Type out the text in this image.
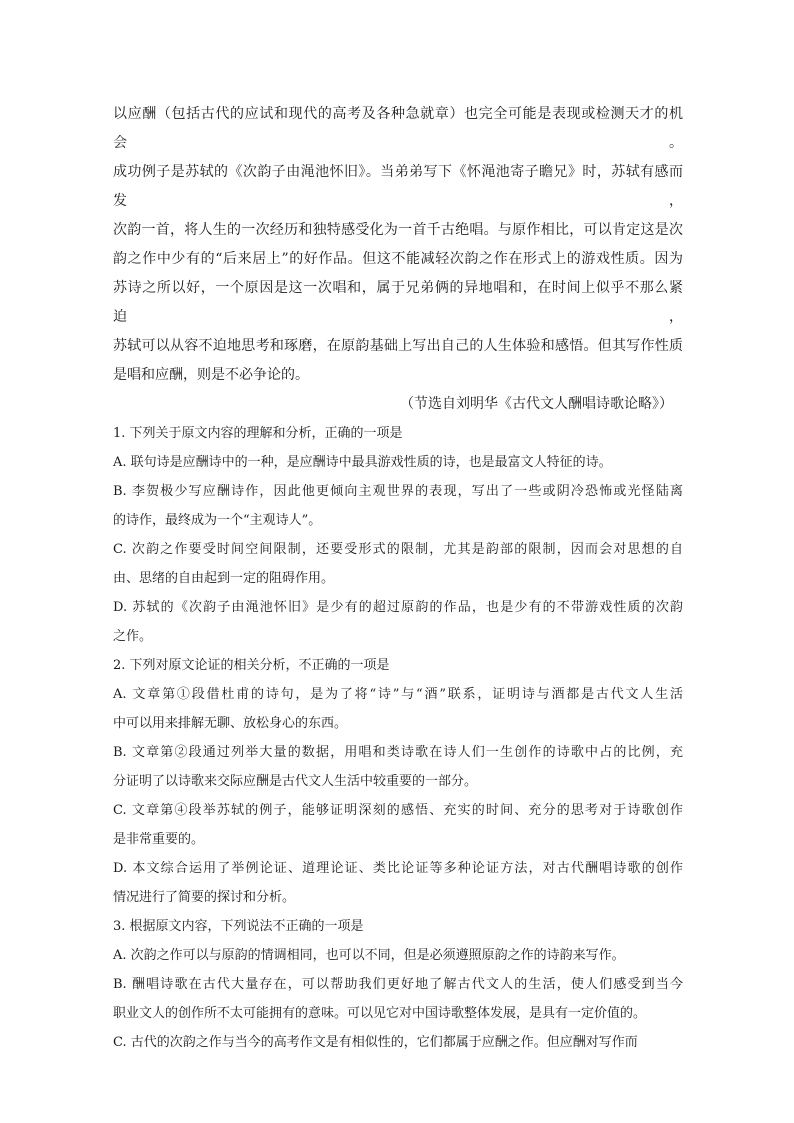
以应酬（包括古代的应试和现代的高考及各种急就章）也完全可能是表现或检测天才的机会。
成功例子是苏轼的《次韵子由渑池怀旧》。当弟弟写下《怀渑池寄子瞻兄》时，苏轼有感而发，
次韵一首，将人生的一次经历和独特感受化为一首千古绝唱。与原作相比，可以肯定这是次
韵之作中少有的“后来居上”的好作品。但这不能减轻次韵之作在形式上的游戏性质。因为
苏诗之所以好，一个原因是这一次唱和，属于兄弟俩的异地唱和，在时间上似乎不那么紧迫，
苏轼可以从容不迫地思考和琢磨，在原韵基础上写出自己的人生体验和感悟。但其写作性质
是唱和应酬，则是不必争论的。
（节选自刘明华《古代文人酬唱诗歌论略》）
1. 下列关于原文内容的理解和分析，正确的一项是
A. 联句诗是应酬诗中的一种，是应酬诗中最具游戏性质的诗，也是最富文人特征的诗。
B. 李贺极少写应酬诗作，因此他更倾向主观世界的表现，写出了一些或阴冷恐怖或光怪陆离
的诗作，最终成为一个“主观诗人”。
C. 次韵之作要受时间空间限制，还要受形式的限制，尤其是韵部的限制，因而会对思想的自
由、思绪的自由起到一定的阻碍作用。
D. 苏轼的《次韵子由渑池怀旧》是少有的超过原韵的作品，也是少有的不带游戏性质的次韵
之作。
2. 下列对原文论证的相关分析，不正确的一项是
A. 文章第①段借杜甫的诗句，是为了将“诗”与“酒”联系，证明诗与酒都是古代文人生活
中可以用来排解无聊、放松身心的东西。
B. 文章第②段通过列举大量的数据，用唱和类诗歌在诗人们一生创作的诗歌中占的比例，充
分证明了以诗歌来交际应酬是古代文人生活中较重要的一部分。
C. 文章第④段举苏轼的例子，能够证明深刻的感悟、充实的时间、充分的思考对于诗歌创作
是非常重要的。
D. 本文综合运用了举例论证、道理论证、类比论证等多种论证方法，对古代酬唱诗歌的创作
情况进行了简要的探讨和分析。
3. 根据原文内容，下列说法不正确的一项是
A. 次韵之作可以与原韵的情调相同，也可以不同，但是必须遵照原韵之作的诗韵来写作。
B. 酬唱诗歌在古代大量存在，可以帮助我们更好地了解古代文人的生活，使人们感受到当今
职业文人的创作所不太可能拥有的意味。可以见它对中国诗歌整体发展，是具有一定价值的。
C. 古代的次韵之作与当今的高考作文是有相似性的，它们都属于应酬之作。但应酬对写作而
